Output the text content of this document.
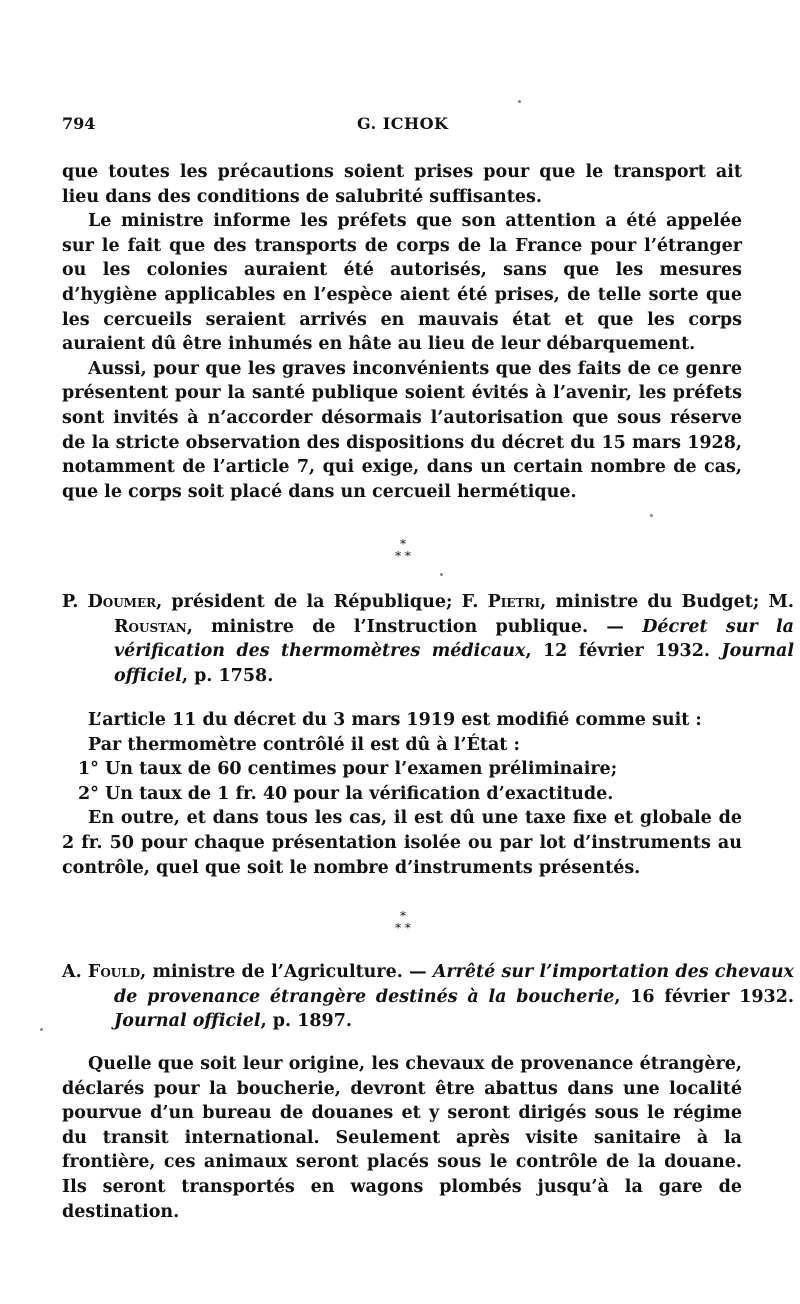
794	G. ICHOK

que toutes les précautions soient prises pour que le transport ait lieu dans des conditions de salubrité suffisantes.

Le ministre informe les préfets que son attention a été appelée sur le fait que des transports de corps de la France pour l’étranger ou les colonies auraient été autorisés, sans que les mesures d’hygiène applicables en l’espèce aient été prises, de telle sorte que les cercueils seraient arrivés en mauvais état et que les corps auraient dû être inhumés en hâte au lieu de leur débarquement.

Aussi, pour que les graves inconvénients que des faits de ce genre présentent pour la santé publique soient évités à l’avenir, les préfets sont invités à n’accorder désormais l’autorisation que sous réserve de la stricte observation des dispositions du décret du 15 mars 1928, notamment de l’article 7, qui exige, dans un certain nombre de cas, que le corps soit placé dans un cercueil hermétique.

*
* *

P. Doumer, président de la République; F. Pietri, ministre du Budget; M. Roustan, ministre de l’Instruction publique. — Décret sur la vérification des thermomètres médicaux, 12 février 1932. Journal officiel, p. 1758.

L’article 11 du décret du 3 mars 1919 est modifié comme suit :

Par thermomètre contrôlé il est dû à l’État :

1° Un taux de 60 centimes pour l’examen préliminaire;

2° Un taux de 1 fr. 40 pour la vérification d’exactitude.

En outre, et dans tous les cas, il est dû une taxe fixe et globale de 2 fr. 50 pour chaque présentation isolée ou par lot d’instruments au contrôle, quel que soit le nombre d’instruments présentés.

*
* *

A. Fould, ministre de l’Agriculture. — Arrêté sur l’importation des chevaux de provenance étrangère destinés à la boucherie, 16 février 1932. Journal officiel, p. 1897.

Quelle que soit leur origine, les chevaux de provenance étrangère, déclarés pour la boucherie, devront être abattus dans une localité pourvue d’un bureau de douanes et y seront dirigés sous le régime du transit international. Seulement après visite sanitaire à la frontière, ces animaux seront placés sous le contrôle de la douane. Ils seront transportés en wagons plombés jusqu’à la gare de destination.
